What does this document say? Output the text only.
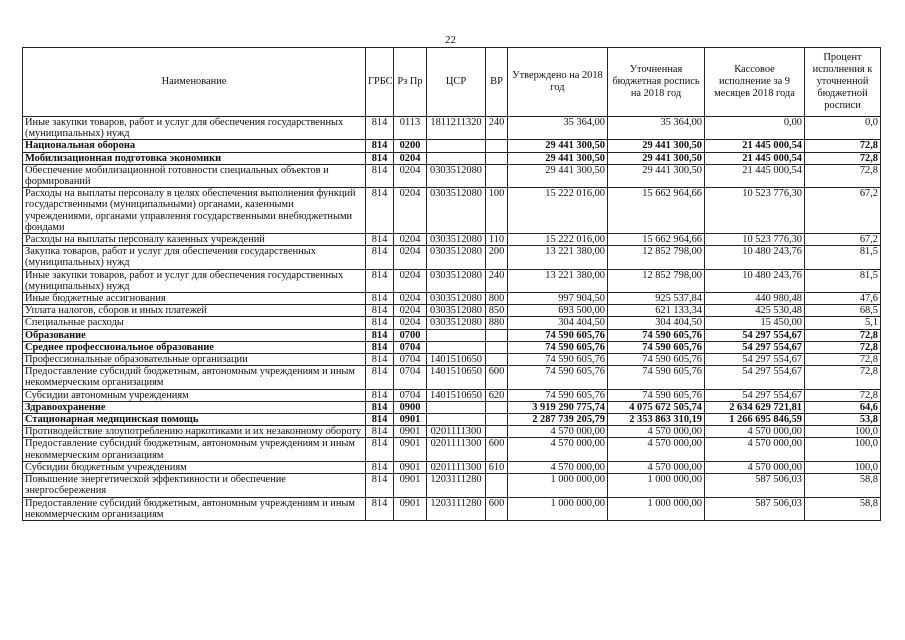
22
Наименование	ГРБС	Рз Пр	ЦСР	ВР	Утверждено на 2018 год	Уточненная бюджетная роспись на 2018 год	Кассовое исполнение за 9 месяцев 2018 года	Процент исполнения к уточненной бюджетной росписи
Иные закупки товаров, работ и услуг для обеспечения государственных (муниципальных) нужд	814	0113	1811211320	240	35 364,00	35 364,00	0,00	0,0
Национальная оборона	814	0200			29 441 300,50	29 441 300,50	21 445 000,54	72,8
Мобилизационная подготовка экономики	814	0204			29 441 300,50	29 441 300,50	21 445 000,54	72,8
Обеспечение мобилизационной готовности специальных объектов и формирований	814	0204	0303512080		29 441 300,50	29 441 300,50	21 445 000,54	72,8
Расходы на выплаты персоналу в целях обеспечения выполнения функций государственными (муниципальными) органами, казенными учреждениями, органами управления государственными внебюджетными фондами	814	0204	0303512080	100	15 222 016,00	15 662 964,66	10 523 776,30	67,2
Расходы на выплаты персоналу казенных учреждений	814	0204	0303512080	110	15 222 016,00	15 662 964,66	10 523 776,30	67,2
Закупка товаров, работ и услуг для обеспечения государственных (муниципальных) нужд	814	0204	0303512080	200	13 221 380,00	12 852 798,00	10 480 243,76	81,5
Иные закупки товаров, работ и услуг для обеспечения государственных (муниципальных) нужд	814	0204	0303512080	240	13 221 380,00	12 852 798,00	10 480 243,76	81,5
Иные бюджетные ассигнования	814	0204	0303512080	800	997 904,50	925 537,84	440 980,48	47,6
Уплата налогов, сборов и иных платежей	814	0204	0303512080	850	693 500,00	621 133,34	425 530,48	68,5
Специальные расходы	814	0204	0303512080	880	304 404,50	304 404,50	15 450,00	5,1
Образование	814	0700			74 590 605,76	74 590 605,76	54 297 554,67	72,8
Среднее профессиональное образование	814	0704			74 590 605,76	74 590 605,76	54 297 554,67	72,8
Профессиональные образовательные организации	814	0704	1401510650		74 590 605,76	74 590 605,76	54 297 554,67	72,8
Предоставление субсидий бюджетным, автономным учреждениям и иным некоммерческим организациям	814	0704	1401510650	600	74 590 605,76	74 590 605,76	54 297 554,67	72,8
Субсидии автономным учреждениям	814	0704	1401510650	620	74 590 605,76	74 590 605,76	54 297 554,67	72,8
Здравоохранение	814	0900			3 919 290 775,74	4 075 672 505,74	2 634 629 721,81	64,6
Стационарная медицинская помощь	814	0901			2 287 739 205,79	2 353 863 310,19	1 266 695 846,59	53,8
Противодействие злоупотреблению наркотиками и их незаконному обороту	814	0901	0201111300		4 570 000,00	4 570 000,00	4 570 000,00	100,0
Предоставление субсидий бюджетным, автономным учреждениям и иным некоммерческим организациям	814	0901	0201111300	600	4 570 000,00	4 570 000,00	4 570 000,00	100,0
Субсидии бюджетным учреждениям	814	0901	0201111300	610	4 570 000,00	4 570 000,00	4 570 000,00	100,0
Повышение энергетической эффективности и обеспечение энергосбережения	814	0901	1203111280		1 000 000,00	1 000 000,00	587 506,03	58,8
Предоставление субсидий бюджетным, автономным учреждениям и иным некоммерческим организациям	814	0901	1203111280	600	1 000 000,00	1 000 000,00	587 506,03	58,8
